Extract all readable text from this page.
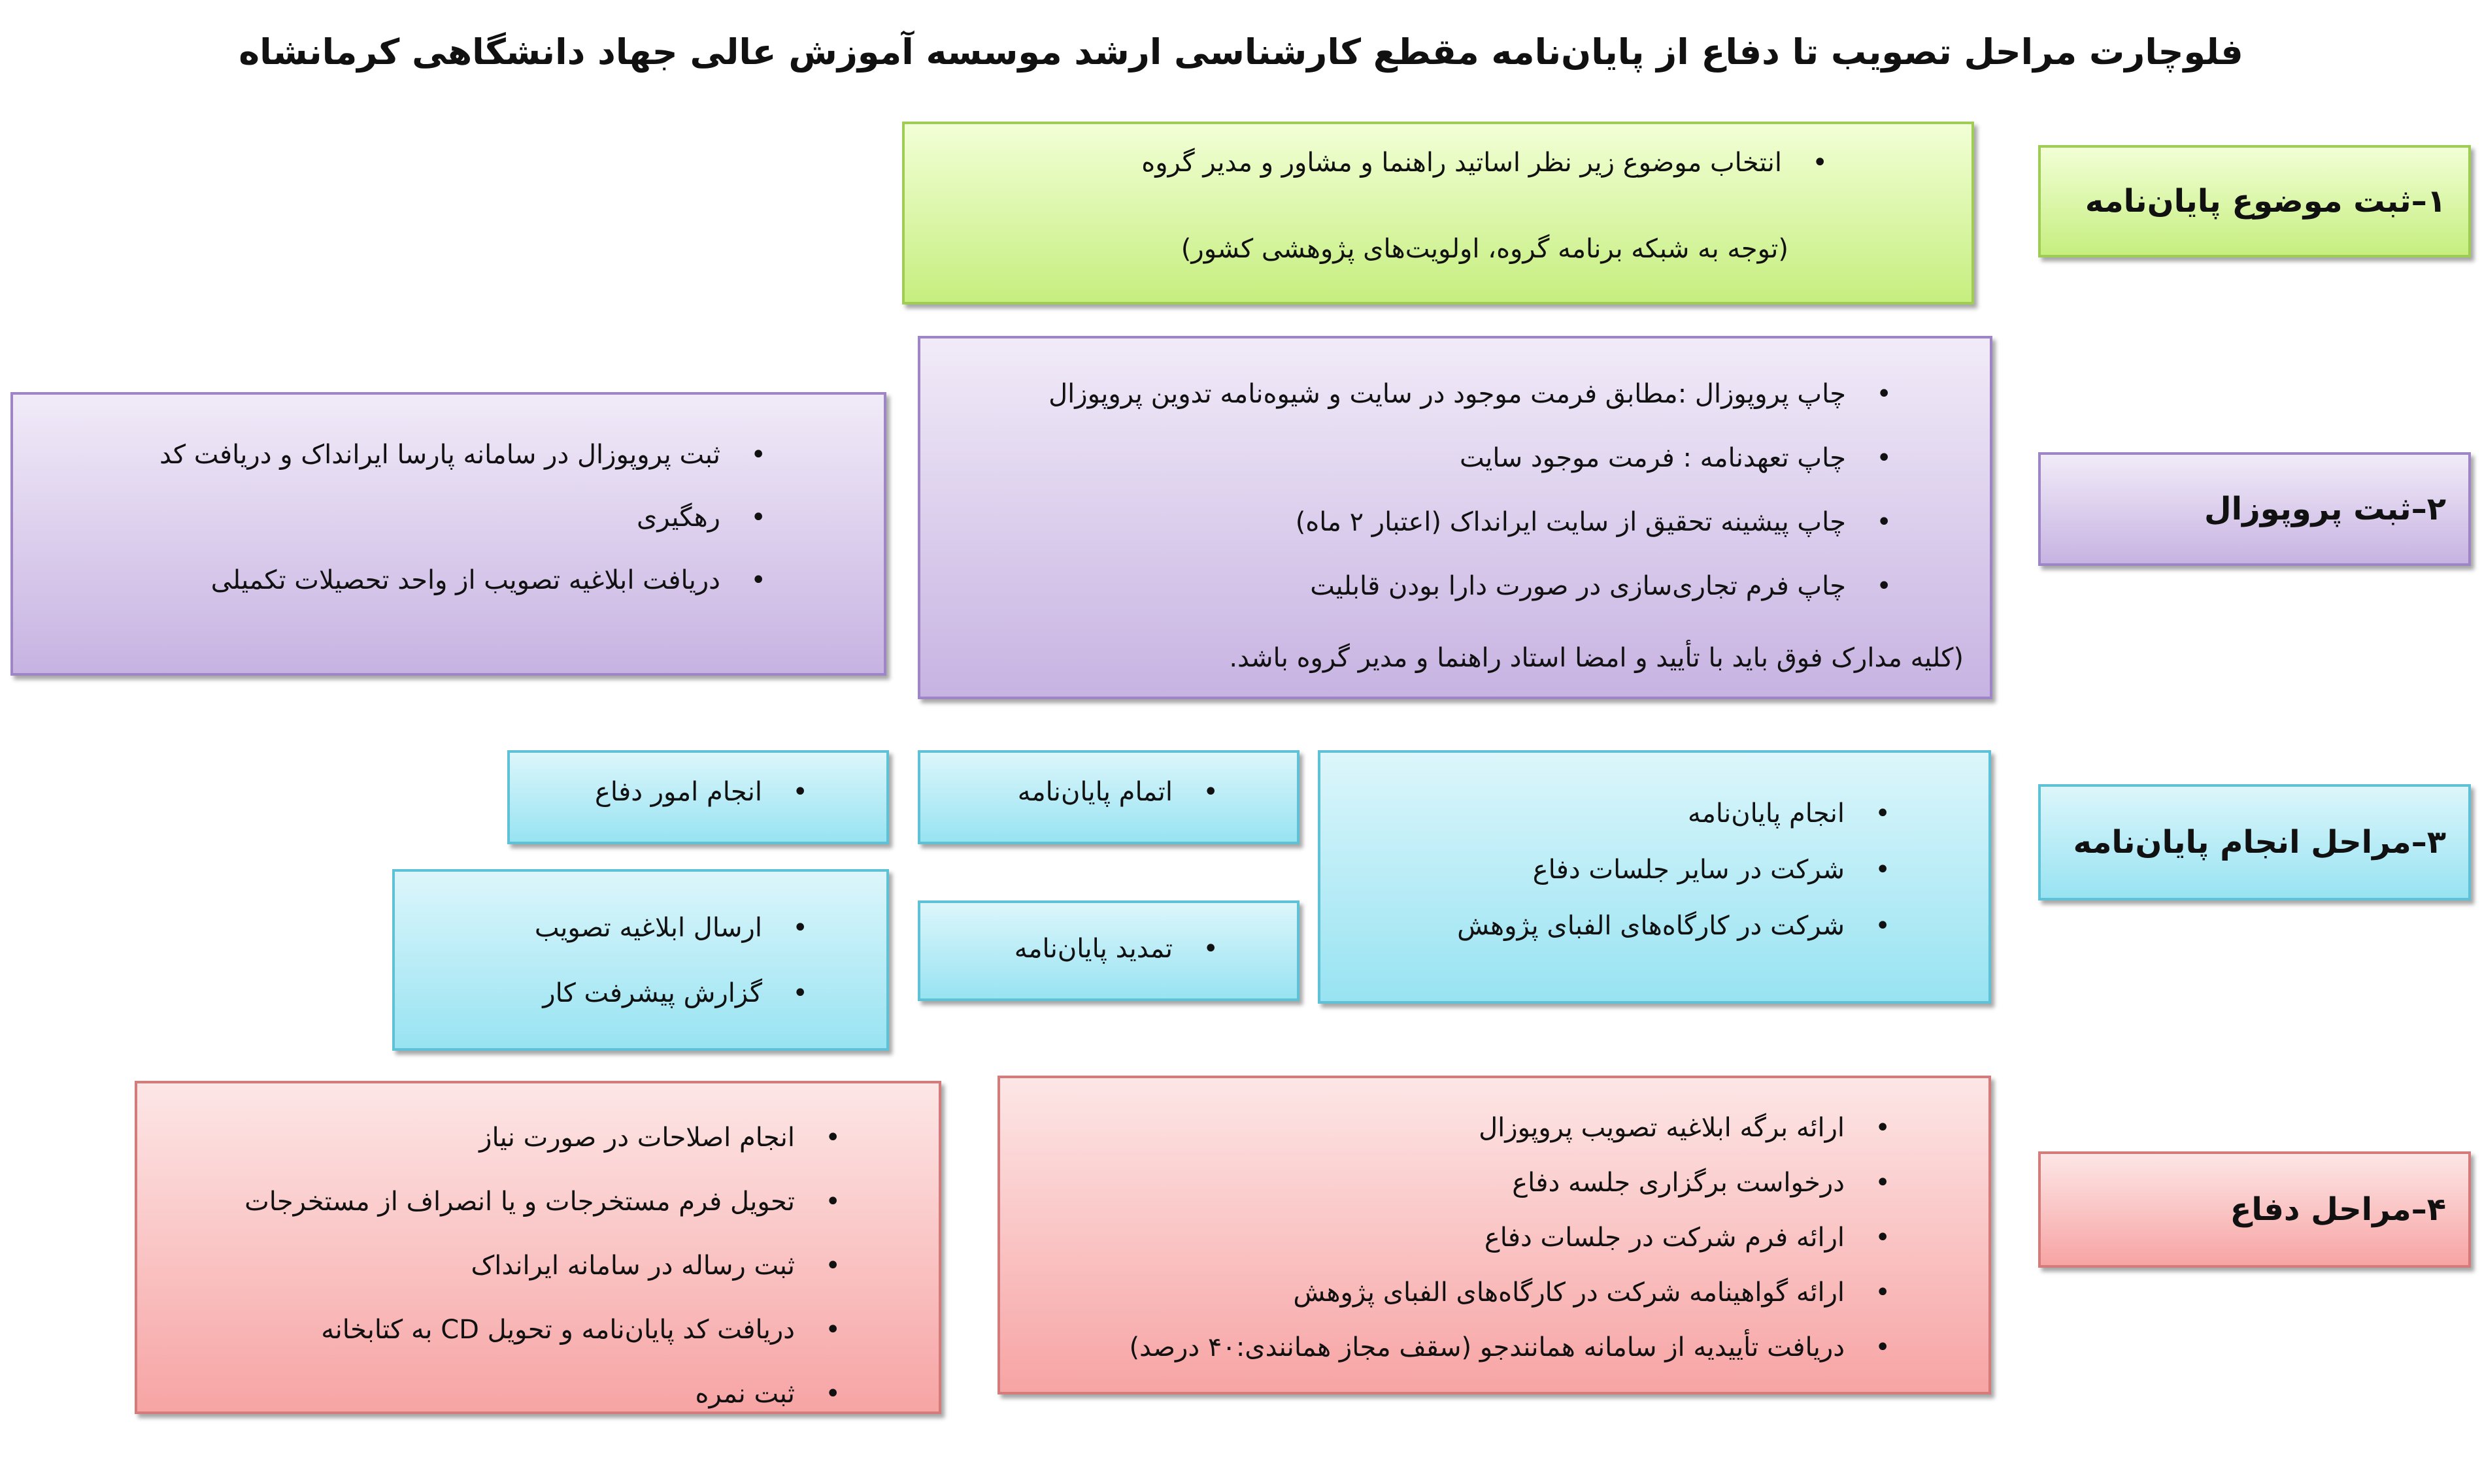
فلوچارت مراحل تصویب تا دفاع از پایان‌نامه مقطع کارشناسی ارشد موسسه آموزش عالی جهاد دانشگاهی کرمانشاه
۱–ثبت موضوع پایان‌نامه
• انتخاب موضوع زیر نظر اساتید راهنما و مشاور و مدیر گروه
(توجه به شبکه برنامه گروه، اولویت‌های پژوهشی کشور)
۲–ثبت پروپوزال
• چاپ پروپوزال :مطابق فرمت موجود در سایت و شیوه‌نامه تدوین پروپوزال
• چاپ تعهدنامه : فرمت موجود سایت
• چاپ پیشینه تحقیق از سایت ایرانداک (اعتبار ۲ ماه)
• چاپ فرم تجاری‌سازی در صورت دارا بودن قابلیت
(کلیه مدارک فوق باید با تأیید و امضا استاد راهنما و مدیر گروه باشد.
• ثبت پروپوزال در سامانه پارسا ایرانداک و دریافت کد
• رهگیری
• دریافت ابلاغیه تصویب از واحد تحصیلات تکمیلی
۳–مراحل انجام پایان‌نامه
• انجام پایان‌نامه
• شرکت در سایر جلسات دفاع
• شرکت در کارگاه‌های الفبای پژوهش
• اتمام پایان‌نامه
• تمدید پایان‌نامه
• انجام امور دفاع
• ارسال ابلاغیه تصویب
• گزارش پیشرفت کار
۴–مراحل دفاع
• ارائه برگه ابلاغیه تصویب پروپوزال
• درخواست برگزاری جلسه دفاع
• ارائه فرم شرکت در جلسات دفاع
• ارائه گواهینامه شرکت در کارگاه‌های الفبای پژوهش
• دریافت تأییدیه از سامانه همانندجو (سقف مجاز همانندی:۴۰ درصد)
• انجام اصلاحات در صورت نیاز
• تحویل فرم مستخرجات و یا انصراف از مستخرجات
• ثبت رساله در سامانه ایرانداک
• دریافت کد پایان‌نامه و تحویل CD به کتابخانه
• ثبت نمره
